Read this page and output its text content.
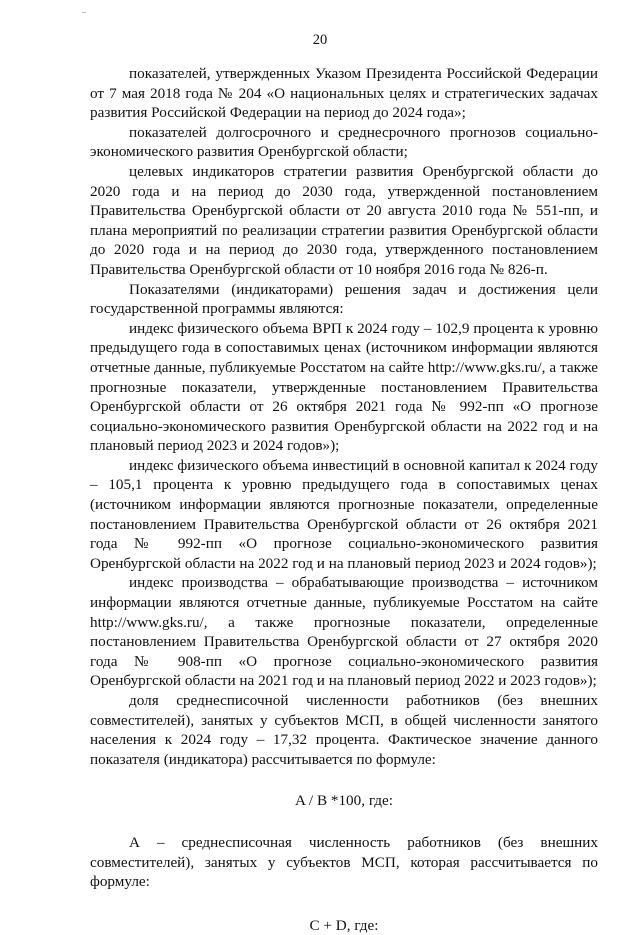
20

показателей, утвержденных Указом Президента Российской Федерации от 7 мая 2018 года № 204 «О национальных целях и стратегических задачах развития Российской Федерации на период до 2024 года»;

показателей долгосрочного и среднесрочного прогнозов социально-экономического развития Оренбургской области;

целевых индикаторов стратегии развития Оренбургской области до 2020 года и на период до 2030 года, утвержденной постановлением Правительства Оренбургской области от 20 августа 2010 года № 551-пп, и плана мероприятий по реализации стратегии развития Оренбургской области до 2020 года и на период до 2030 года, утвержденного постановлением Правительства Оренбургской области от 10 ноября 2016 года № 826-п.

Показателями (индикаторами) решения задач и достижения цели государственной программы являются:

индекс физического объема ВРП к 2024 году – 102,9 процента к уровню предыдущего года в сопоставимых ценах (источником информации являются отчетные данные, публикуемые Росстатом на сайте http://www.gks.ru/, а также прогнозные показатели, утвержденные постановлением Правительства Оренбургской области от 26 октября 2021 года № 992-пп «О прогнозе социально-экономического развития Оренбургской области на 2022 год и на плановый период 2023 и 2024 годов»);

индекс физического объема инвестиций в основной капитал к 2024 году – 105,1 процента к уровню предыдущего года в сопоставимых ценах (источником информации являются прогнозные показатели, определенные постановлением Правительства Оренбургской области от 26 октября 2021 года № 992-пп «О прогнозе социально-экономического развития Оренбургской области на 2022 год и на плановый период 2023 и 2024 годов»);

индекс производства – обрабатывающие производства – источником информации являются отчетные данные, публикуемые Росстатом на сайте http://www.gks.ru/, а также прогнозные показатели, определенные постановлением Правительства Оренбургской области от 27 октября 2020 года № 908-пп «О прогнозе социально-экономического развития Оренбургской области на 2021 год и на плановый период 2022 и 2023 годов»);

доля среднесписочной численности работников (без внешних совместителей), занятых у субъектов МСП, в общей численности занятого населения к 2024 году – 17,32 процента. Фактическое значение данного показателя (индикатора) рассчитывается по формуле:

A / B *100, где:

А – среднесписочная численность работников (без внешних совместителей), занятых у субъектов МСП, которая рассчитывается по формуле:

C + D, где:
